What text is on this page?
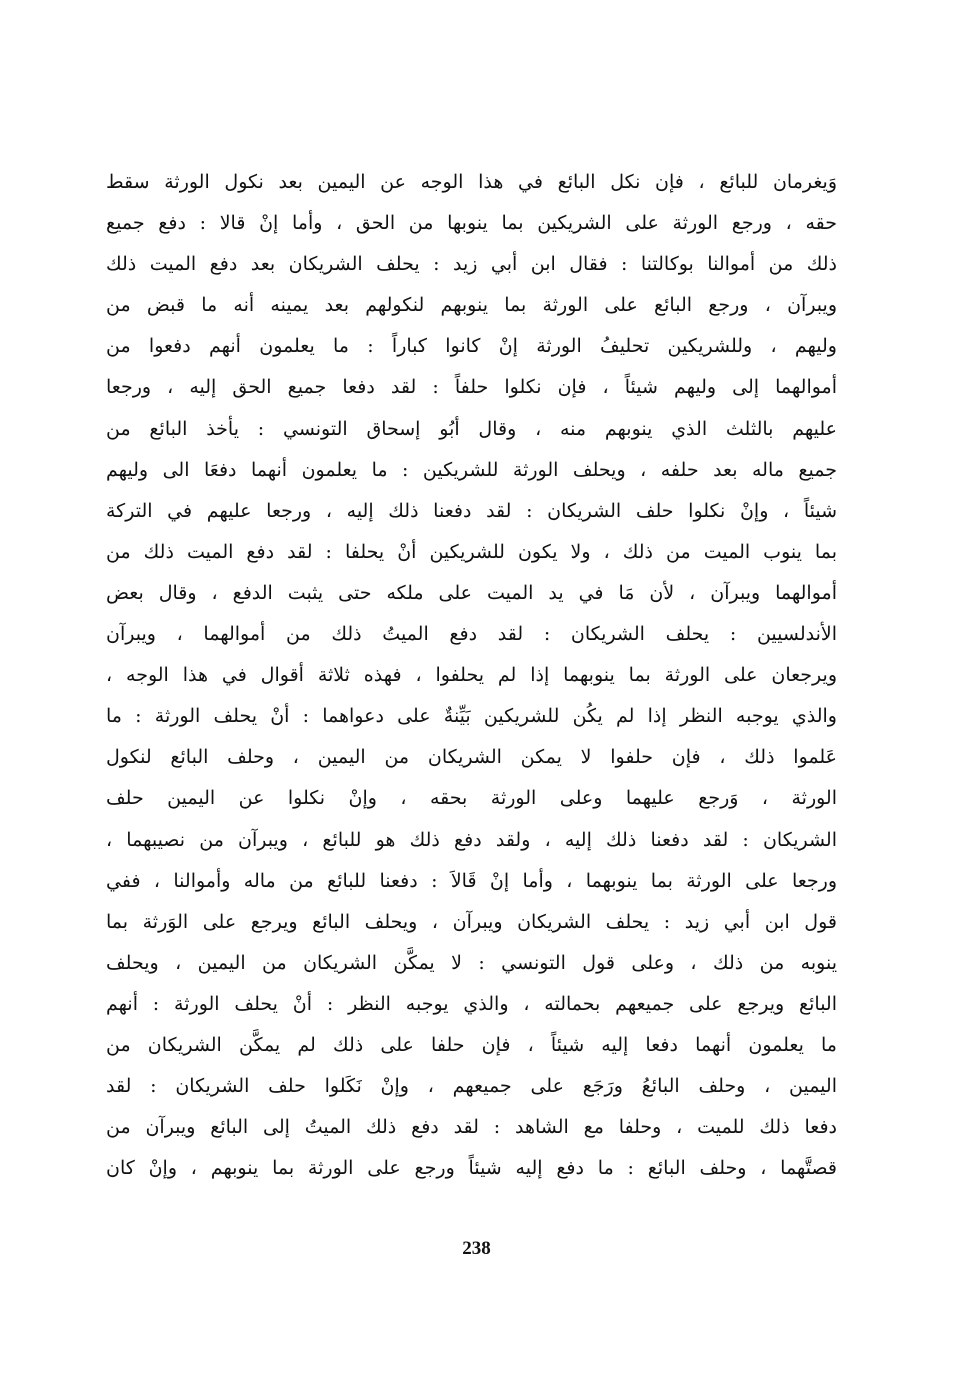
وَيغرمان للبائع ، فإن نكل البائع في هذا الوجه عن اليمين بعد نكول الورثة سقط
حقه ، ورجع الورثة على الشريكين بما ينوبها من الحق ، وأما إنْ قالا : دفع جميع
ذلك من أموالنا بوكالتنا : فقال ابن أبي زيد : يحلف الشريكان بعد دفع الميت ذلك
ويبرآن ، ورجع البائع على الورثة بما ينوبهم لنكولهم بعد يمينه أنه ما قبض من
وليهم ، وللشريكين تحليفُ الورثة إنْ كانوا كباراً : ما يعلمون أنهم دفعوا من
أموالهما إلى وليهم شيئاً ، فإن نكلوا حلفاً : لقد دفعا جميع الحق إليه ، ورجعا
عليهم بالثلث الذي ينوبهم منه ، وقال أبُو إسحاق التونسي : يأخذ البائع من
جميع ماله بعد حلفه ، ويحلف الورثة للشريكين : ما يعلمون أنهما دفعَا الى وليهم
شيئاً ، وإنْ نكلوا حلف الشريكان : لقد دفعنا ذلك إليه ، ورجعا عليهم في التركة
بما ينوب الميت من ذلك ، ولا يكون للشريكين أنْ يحلفا : لقد دفع الميت ذلك من
أموالهما ويبرآن ، لأن مَا في يد الميت على ملكه حتى يثبت الدفع ، وقال بعض
الأندلسيين : يحلف الشريكان : لقد دفع الميتُ ذلك من أموالهما ، ويبرآن
ويرجعان على الورثة بما ينوبهما إذا لم يحلفوا ، فهذه ثلاثة أقوال في هذا الوجه ،
والذي يوجبه النظر إذا لم يكُن للشريكين بَيِّنةٌ على دعواهما : أنْ يحلف الورثة : ما
عَلموا ذلك ، فإن حلفوا لا يمكن الشريكان من اليمين ، وحلف البائع لنكول
الورثة ، وَرجع عليهما وعلى الورثة بحقه ، وإنْ نكلوا عن اليمين حلف
الشريكان : لقد دفعنا ذلك إليه ، ولقد دفع ذلك هو للبائع ، ويبرآن من نصيبهما ،
ورجعا على الورثة بما ينوبهما ، وأما إنْ قَالاَ : دفعنا للبائع من ماله وأموالنا ، ففي
قول ابن أبي زيد : يحلف الشريكان ويبرآن ، ويحلف البائع ويرجع على الوَرثة بما
ينوبه من ذلك ، وعلى قول التونسي : لا يمكَّن الشريكان من اليمين ، ويحلف
البائع ويرجع على جميعهم بحمالته ، والذي يوجبه النظر : أنْ يحلف الورثة : أنهم
ما يعلمون أنهما دفعا إليه شيئاً ، فإن حلفا على ذلك لم يمكَّن الشريكان من
اليمين ، وحلف البائعُ ورَجَع على جميعهم ، وإنْ نَكَلوا حلف الشريكان : لقد
دفعا ذلك للميت ، وحلفا مع الشاهد : لقد دفع ذلك الميتُ إلى البائع ويبرآن من
قصتَّهما ، وحلف البائع : ما دفع إليه شيئاً ورجع على الورثة بما ينوبهم ، وإنْ كان
238
